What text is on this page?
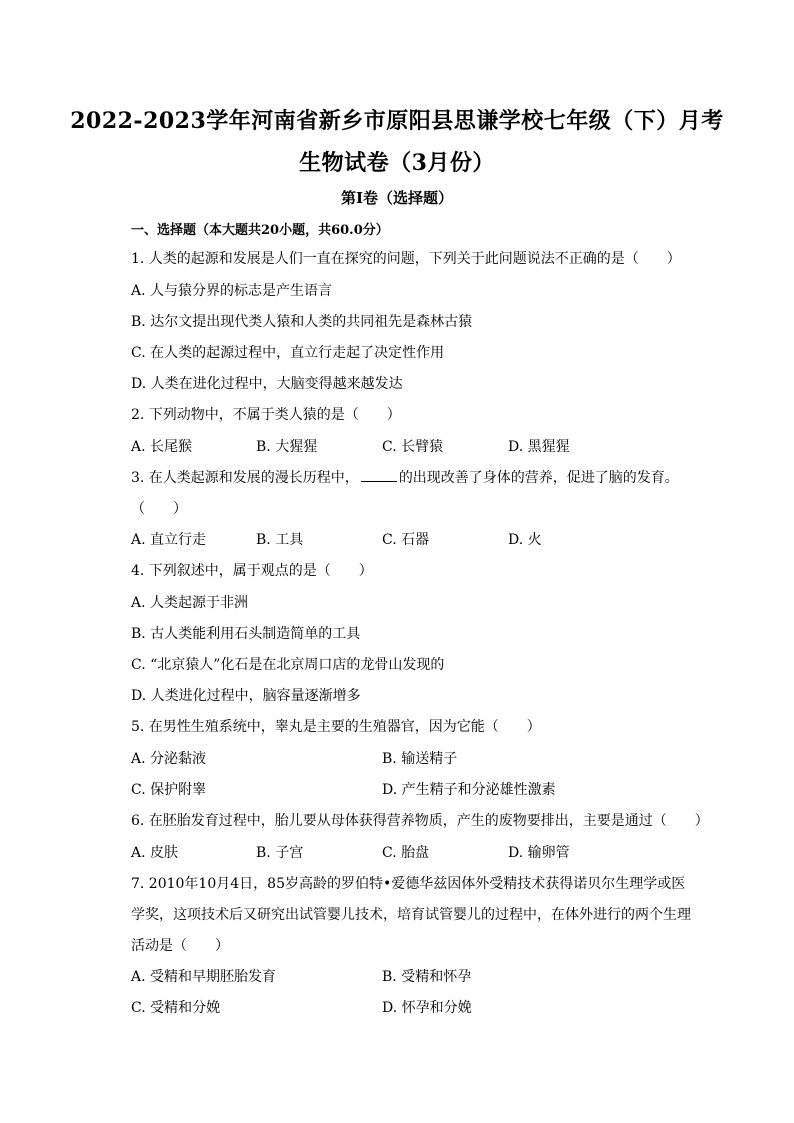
2022-2023学年河南省新乡市原阳县思谦学校七年级（下）月考
生物试卷（3月份）
第Ⅰ卷（选择题）
一、选择题（本大题共20小题，共60.0分）
1. 人类的起源和发展是人们一直在探究的问题，下列关于此问题说法不正确的是（　　）
A. 人与猿分界的标志是产生语言
B. 达尔文提出现代类人猿和人类的共同祖先是森林古猿
C. 在人类的起源过程中，直立行走起了决定性作用
D. 人类在进化过程中，大脑变得越来越发达
2. 下列动物中，不属于类人猿的是（　　）
A. 长尾猴	B. 大猩猩	C. 长臂猿	D. 黑猩猩
3. 在人类起源和发展的漫长历程中，	的出现改善了身体的营养，促进了脑的发育。
（　　）
A. 直立行走	B. 工具	C. 石器	D. 火
4. 下列叙述中，属于观点的是（　　）
A. 人类起源于非洲
B. 古人类能利用石头制造简单的工具
C. “北京猿人”化石是在北京周口店的龙骨山发现的
D. 人类进化过程中，脑容量逐渐增多
5. 在男性生殖系统中，睾丸是主要的生殖器官，因为它能（　　）
A. 分泌黏液	B. 输送精子
C. 保护附睾	D. 产生精子和分泌雄性激素
6. 在胚胎发育过程中，胎儿要从母体获得营养物质，产生的废物要排出，主要是通过（　　）
A. 皮肤	B. 子宫	C. 胎盘	D. 输卵管
7. 2010年10月4日，85岁高龄的罗伯特•爱德华兹因体外受精技术获得诺贝尔生理学或医
学奖，这项技术后又研究出试管婴儿技术，培育试管婴儿的过程中，在体外进行的两个生理
活动是（　　）
A. 受精和早期胚胎发育	B. 受精和怀孕
C. 受精和分娩	D. 怀孕和分娩
